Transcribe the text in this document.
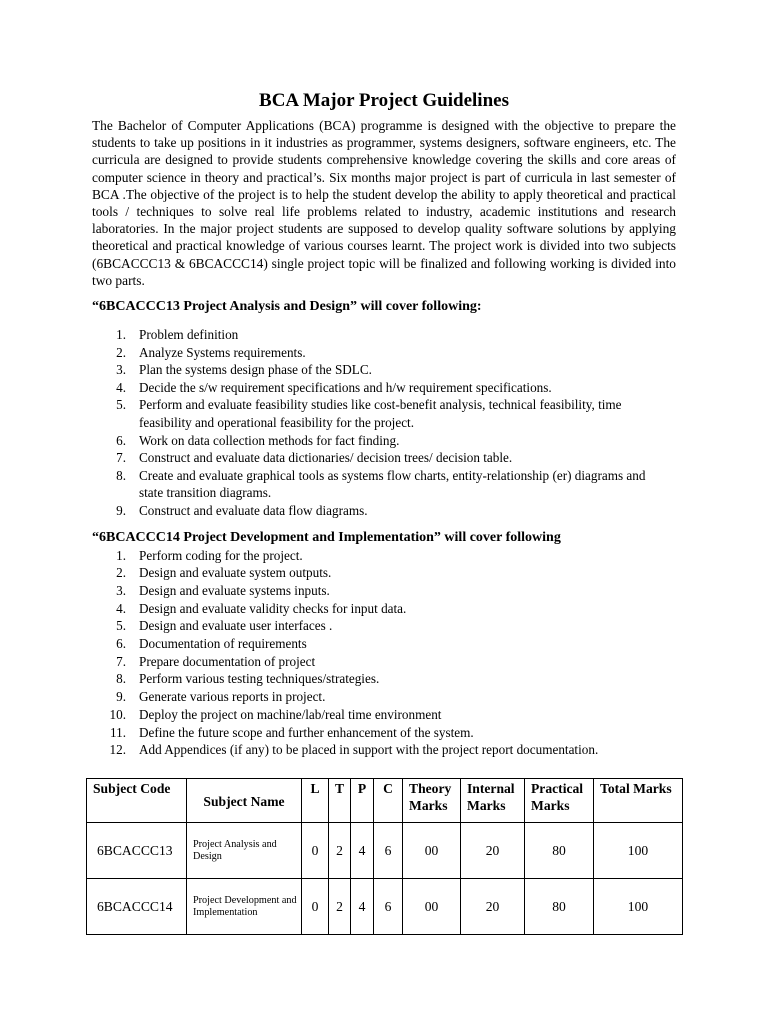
BCA Major Project Guidelines

The Bachelor of Computer Applications (BCA) programme is designed with the objective to prepare the students to take up positions in it industries as programmer, systems designers, software engineers, etc. The curricula are designed to provide students comprehensive knowledge covering the skills and core areas of computer science in theory and practical’s. Six months major project is part of curricula in last semester of BCA .The objective of the project is to help the student develop the ability to apply theoretical and practical tools / techniques to solve real life problems related to industry, academic institutions and research laboratories. In the major project students are supposed to develop quality software solutions by applying theoretical and practical knowledge of various courses learnt. The project work is divided into two subjects (6BCACCC13 & 6BCACCC14) single project topic will be finalized and following working is divided into two parts.

“6BCACCC13 Project Analysis and Design” will cover following:
1. Problem definition
2. Analyze Systems requirements.
3. Plan the systems design phase of the SDLC.
4. Decide the s/w requirement specifications and h/w requirement specifications.
5. Perform and evaluate feasibility studies like cost-benefit analysis, technical feasibility, time feasibility and operational feasibility for the project.
6. Work on data collection methods for fact finding.
7. Construct and evaluate data dictionaries/ decision trees/ decision table.
8. Create and evaluate graphical tools as systems flow charts, entity-relationship (er) diagrams and    state transition diagrams.
9. Construct and evaluate data flow diagrams.
“6BCACCC14 Project Development and Implementation” will cover following
1. Perform coding for the project.
2. Design and evaluate system outputs.
3. Design and evaluate systems inputs.
4. Design and evaluate validity checks for input data.
5. Design and evaluate user interfaces .
6. Documentation of requirements
7. Prepare documentation of project
8. Perform various testing techniques/strategies.
9. Generate various reports in project.
10. Deploy the project on machine/lab/real time environment
11. Define the future scope and further enhancement of the system.
12. Add Appendices (if any) to be placed in support with the project report documentation.
Subject Code	Subject Name	L	T	P	C	Theory Marks	Internal Marks	Practical Marks	Total Marks
6BCACCC13	Project Analysis and Design	0	2	4	6	00	20	80	100
6BCACCC14	Project Development and Implementation	0	2	4	6	00	20	80	100
